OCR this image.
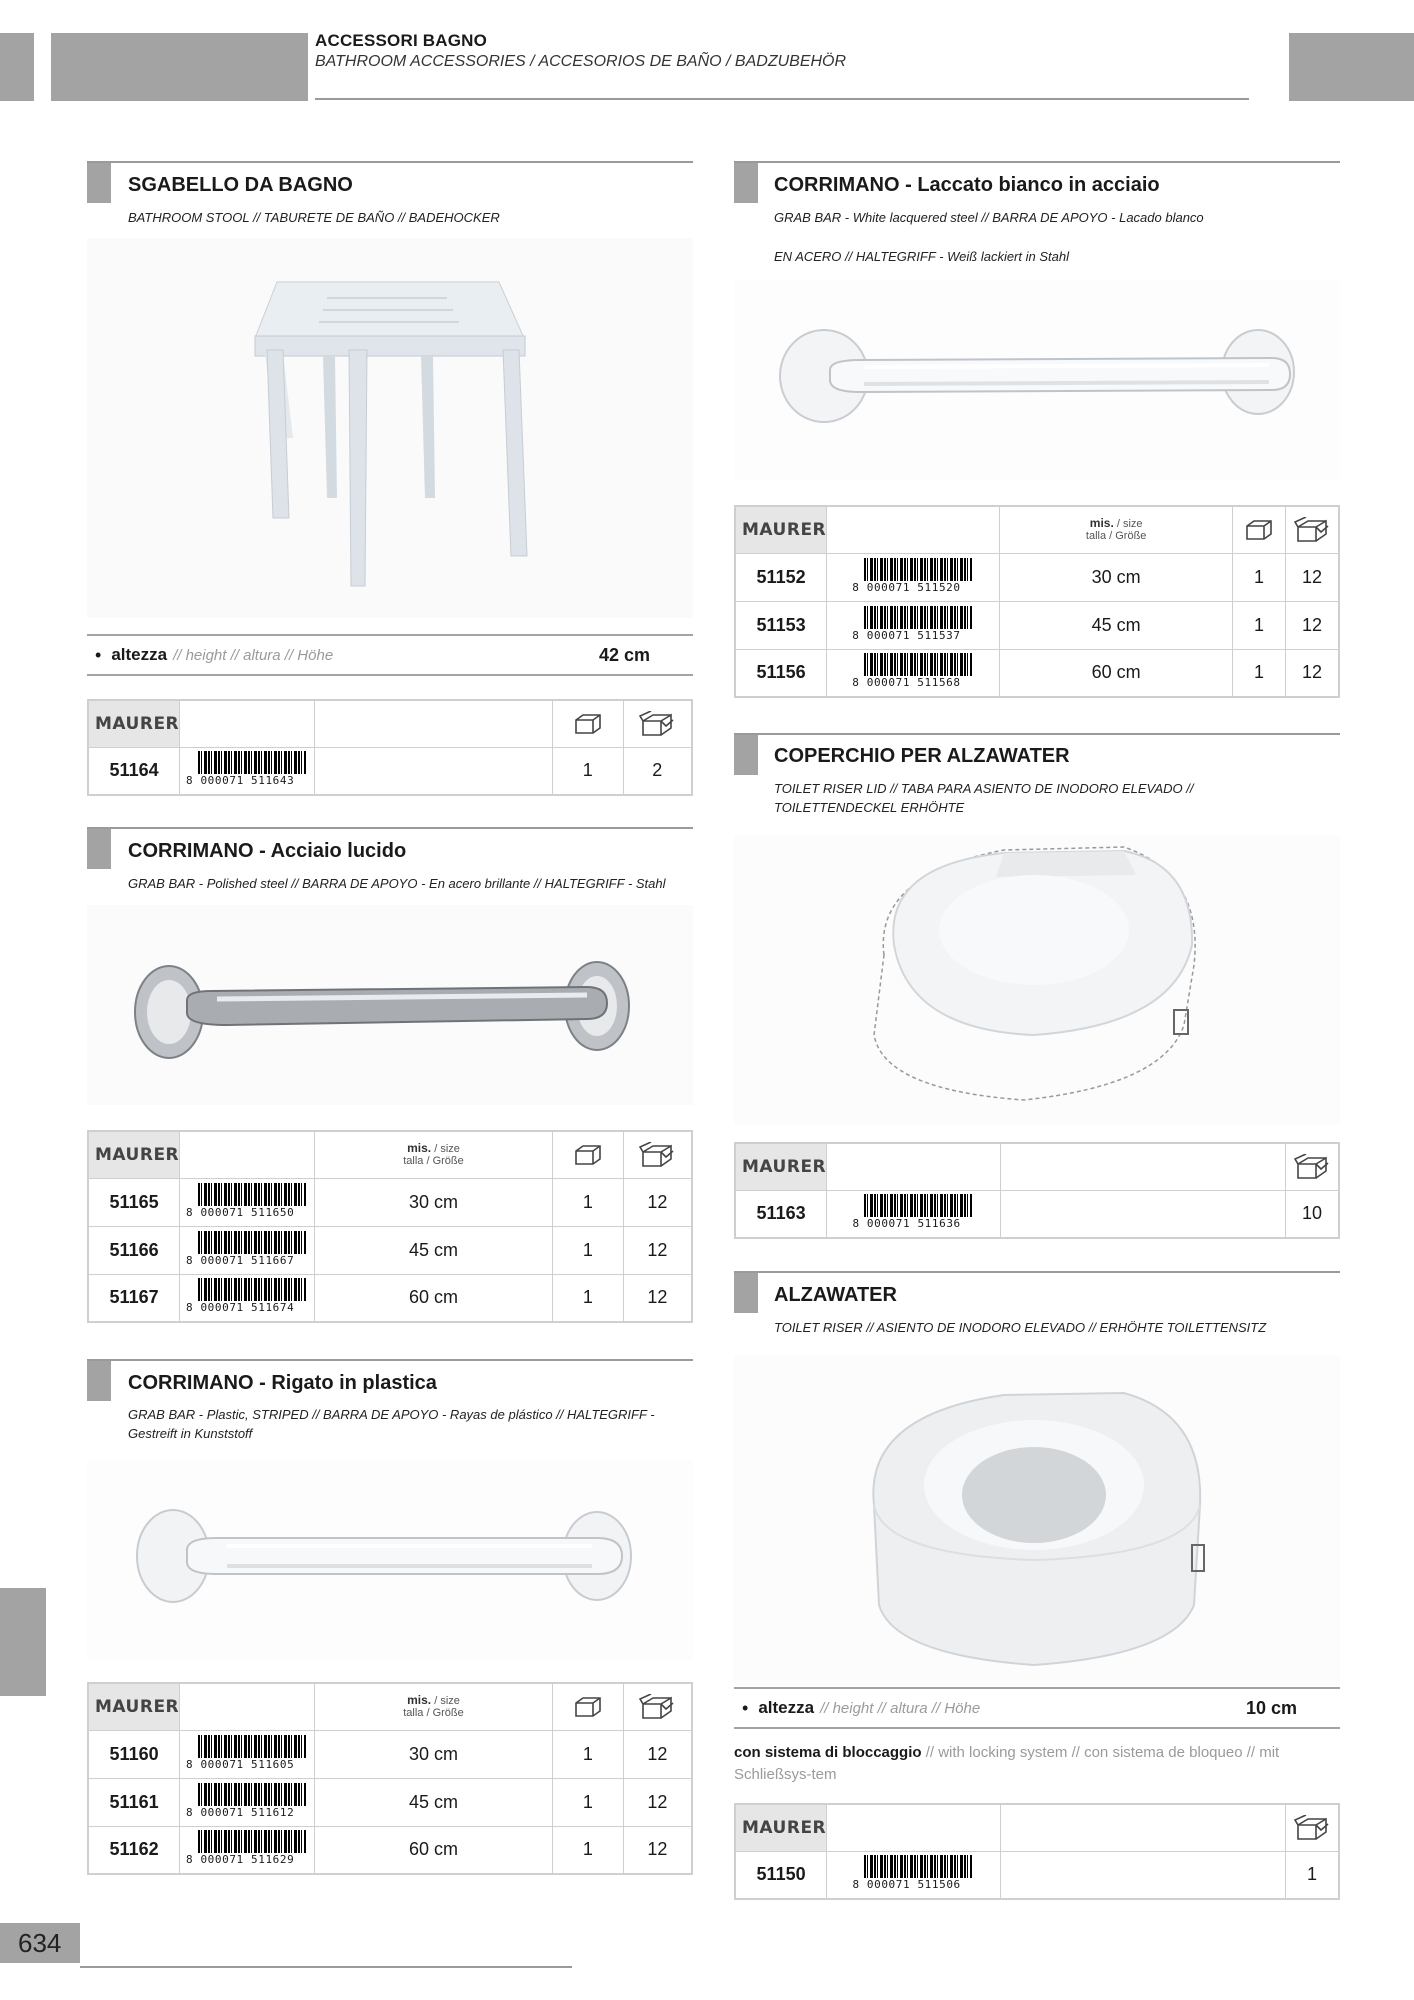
ACCESSORI BAGNO
BATHROOM ACCESSORIES / ACCESORIOS DE BAÑO / BADZUBEHÖR
SGABELLO DA BAGNO
BATHROOM STOOL // TABURETE DE BAÑO // BADEHOCKER
• altezza // height // altura // Höhe	42 cm
MAURER				
51164	8 000071 511643		1	2
CORRIMANO - Acciaio lucido
GRAB BAR - Polished steel // BARRA DE APOYO - En acero brillante // HALTEGRIFF - Stahl
MAURER		mis. / size
talla / Größe

51165	8 000071 511650	30 cm	1	12
51166	8 000071 511667	45 cm	1	12
51167	8 000071 511674	60 cm	1	12
CORRIMANO - Rigato in plastica
GRAB BAR - Plastic, STRIPED // BARRA DE APOYO - Rayas de plástico // HALTEGRIFF - Gestreift in Kunststoff
MAURER		mis. / size
talla / Größe

51160	8 000071 511605	30 cm	1	12
51161	8 000071 511612	45 cm	1	12
51162	8 000071 511629	60 cm	1	12
CORRIMANO - Laccato bianco in acciaio
GRAB BAR - White lacquered steel // BARRA DE APOYO - Lacado blanco
EN ACERO // HALTEGRIFF - Weiß lackiert in Stahl
MAURER		mis. / size
talla / Größe

51152	8 000071 511520	30 cm	1	12
51153	8 000071 511537	45 cm	1	12
51156	8 000071 511568	60 cm	1	12
COPERCHIO PER ALZAWATER
TOILET RISER LID // TABA PARA ASIENTO DE INODORO ELEVADO // TOILETTENDECKEL ERHÖHTE
MAURER			
51163	8 000071 511636		10
ALZAWATER
TOILET RISER // ASIENTO DE INODORO ELEVADO // ERHÖHTE TOILETTENSITZ
• altezza // height // altura // Höhe	10 cm
con sistema di bloccaggio // with locking system // con sistema de bloqueo // mit Schließsys-tem
MAURER			
51150	8 000071 511506		1
634
